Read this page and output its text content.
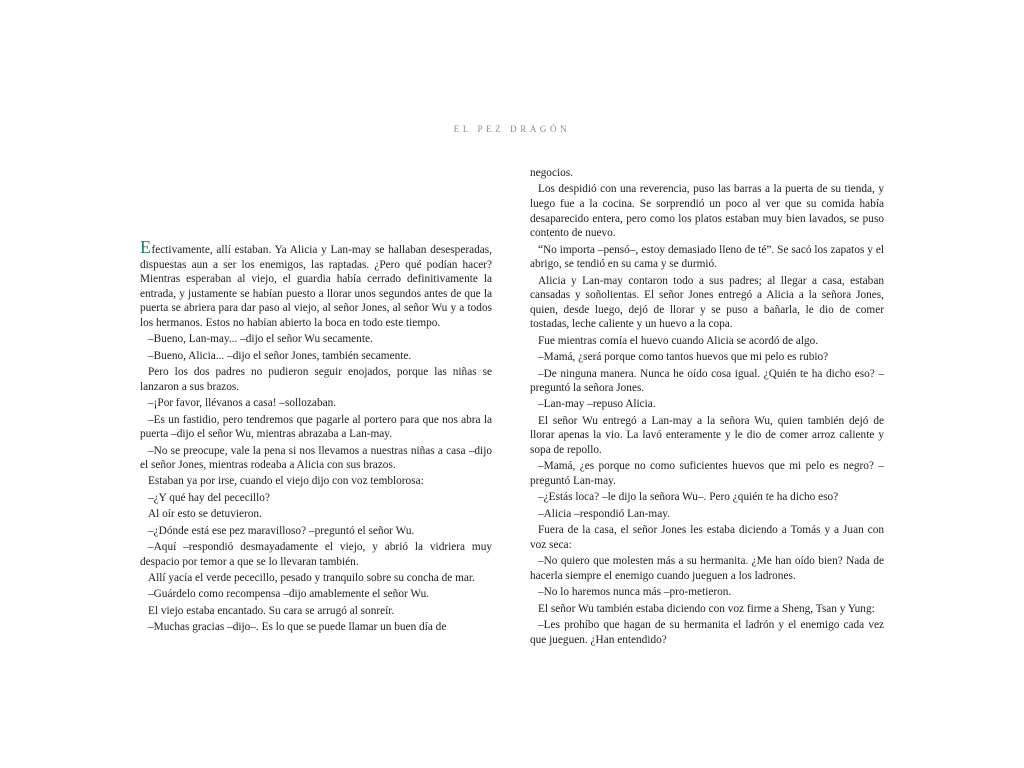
EL PEZ DRAGÓN

Efectivamente, allí estaban. Ya Alicia y Lan-may se hallaban desesperadas, dispuestas aun a ser los enemigos, las raptadas. ¿Pero qué podían hacer? Mientras esperaban al viejo, el guardia había cerrado definitivamente la entrada, y justamente se habían puesto a llorar unos segundos antes de que la puerta se abriera para dar paso al viejo, al señor Jones, al señor Wu y a todos los hermanos. Estos no habían abierto la boca en todo este tiempo.

–Bueno, Lan-may... –dijo el señor Wu secamente.

–Bueno, Alicia... –dijo el señor Jones, también secamente.

Pero los dos padres no pudieron seguir enojados, porque las niñas se lanzaron a sus brazos.

–¡Por favor, llévanos a casa! –sollozaban.

–Es un fastidio, pero tendremos que pagarle al portero para que nos abra la puerta –dijo el señor Wu, mientras abrazaba a Lan-may.

–No se preocupe, vale la pena si nos llevamos a nuestras niñas a casa –dijo el señor Jones, mientras rodeaba a Alicia con sus brazos.

Estaban ya por irse, cuando el viejo dijo con voz temblorosa:

–¿Y qué hay del pececillo?

Al oír esto se detuvieron.

–¿Dónde está ese pez maravilloso? –preguntó el señor Wu.

–Aquí –respondió desmayadamente el viejo, y abrió la vidriera muy despacio por temor a que se lo llevaran también.

Allí yacía el verde pececillo, pesado y tranquilo sobre su concha de mar.

–Guárdelo como recompensa –dijo amablemente el señor Wu.

El viejo estaba encantado. Su cara se arrugó al sonreír.

–Muchas gracias –dijo–. Es lo que se puede llamar un buen día de

negocios.

Los despidió con una reverencia, puso las barras a la puerta de su tienda, y luego fue a la cocina. Se sorprendió un poco al ver que su comida había desaparecido entera, pero como los platos estaban muy bien lavados, se puso contento de nuevo.

“No importa –pensó–, estoy demasiado lleno de té”. Se sacó los zapatos y el abrigo, se tendió en su cama y se durmió.

Alicia y Lan-may contaron todo a sus padres; al llegar a casa, estaban cansadas y soñolientas. El señor Jones entregó a Alicia a la señora Jones, quien, desde luego, dejó de llorar y se puso a bañarla, le dio de comer tostadas, leche caliente y un huevo a la copa.

Fue mientras comía el huevo cuando Alicia se acordó de algo.

–Mamá, ¿será porque como tantos huevos que mi pelo es rubio?

–De ninguna manera. Nunca he oído cosa igual. ¿Quién te ha dicho eso? –preguntó la señora Jones.

–Lan-may –repuso Alicia.

El señor Wu entregó a Lan-may a la señora Wu, quien también dejó de llorar apenas la vio. La lavó enteramente y le dio de comer arroz caliente y sopa de repollo.

–Mamá, ¿es porque no como suficientes huevos que mi pelo es negro? –preguntó Lan-may.

–¿Estás loca? –le dijo la señora Wu–. Pero ¿quién te ha dicho eso?

–Alicia –respondió Lan-may.

Fuera de la casa, el señor Jones les estaba diciendo a Tomás y a Juan con voz seca:

–No quiero que molesten más a su hermanita. ¿Me han oído bien? Nada de hacerla siempre el enemigo cuando jueguen a los ladrones.

–No lo haremos nunca más –pro-metieron.

El señor Wu también estaba diciendo con voz firme a Sheng, Tsan y Yung:

–Les prohíbo que hagan de su hermanita el ladrón y el enemigo cada vez que jueguen. ¿Han entendido?
